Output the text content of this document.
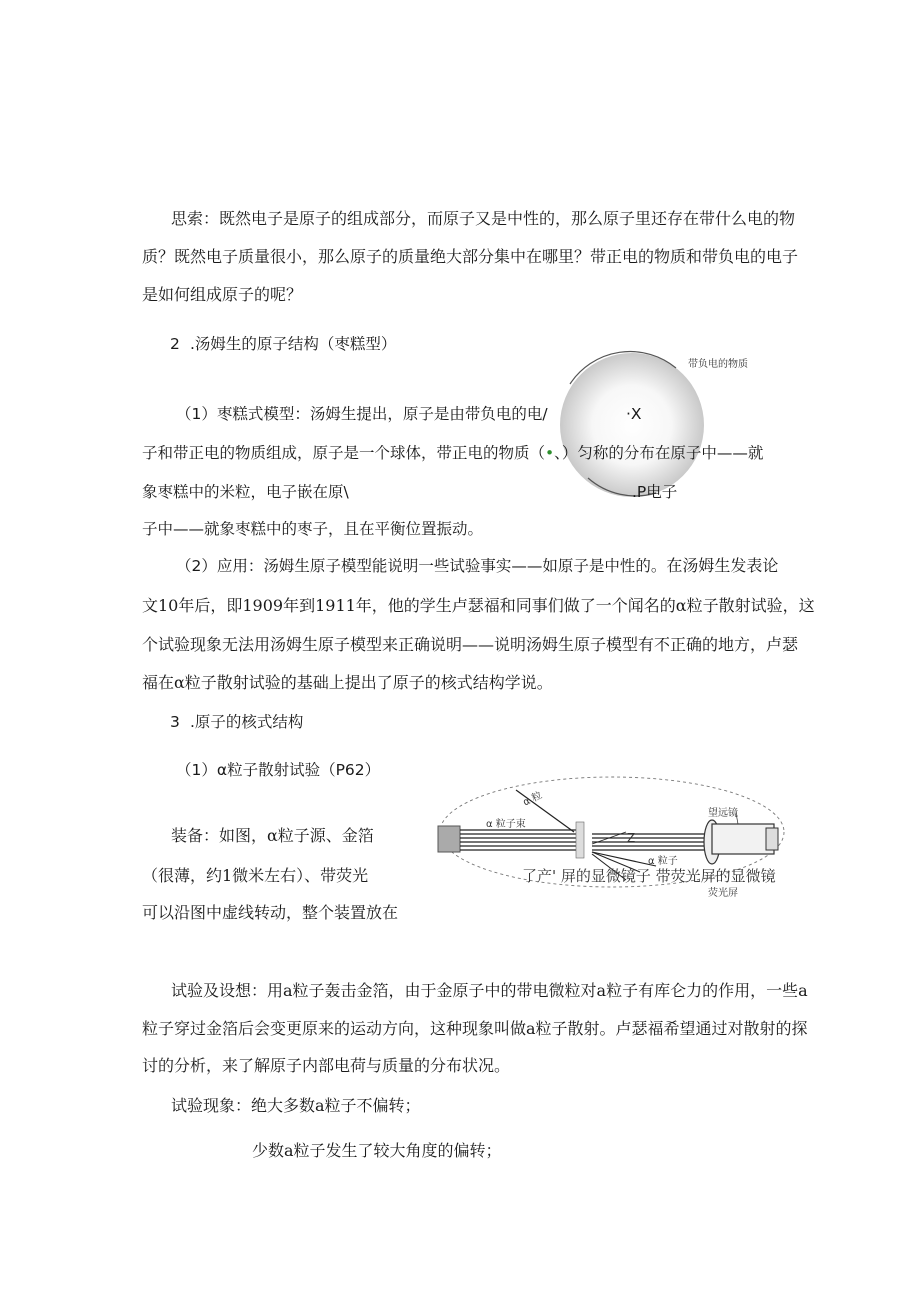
思索：既然电子是原子的组成部分，而原子又是中性的，那么原子里还存在带什么电的物
质？既然电子质量很小，那么原子的质量绝大部分集中在哪里？带正电的物质和带负电的电子
是如何组成原子的呢？
2 .汤姆生的原子结构（枣糕型）
带负电的物质
·X
.P电子
（1）枣糕式模型：汤姆生提出，原子是由带负电的电/
子和带正电的物质组成，原子是一个球体，带正电的物质（•、）匀称的分布在原子中——就
象枣糕中的米粒，电子嵌在原\
子中——就象枣糕中的枣子，且在平衡位置振动。
（2）应用：汤姆生原子模型能说明一些试验事实——如原子是中性的。在汤姆生发表论
文10年后，即1909年到1911年，他的学生卢瑟福和同事们做了一个闻名的α粒子散射试验，这
个试验现象无法用汤姆生原子模型来正确说明——说明汤姆生原子模型有不正确的地方，卢瑟
福在α粒子散射试验的基础上提出了原子的核式结构学说。
3 .原子的核式结构
（1）α粒子散射试验（P62）
α 粒
α 粒子束
Z
α 粒子
望远镜
荧光屏
了产' 屏的显微镜子 带荧光屏的显微镜
装备：如图，α粒子源、金箔
（很薄，约1微米左右）、带荧光
可以沿图中虚线转动，整个装置放在
试验及设想：用a粒子轰击金箔，由于金原子中的带电微粒对a粒子有库仑力的作用，一些a
粒子穿过金箔后会变更原来的运动方向，这种现象叫做a粒子散射。卢瑟福希望通过对散射的探
讨的分析，来了解原子内部电荷与质量的分布状况。
试验现象：绝大多数a粒子不偏转；
少数a粒子发生了较大角度的偏转；
